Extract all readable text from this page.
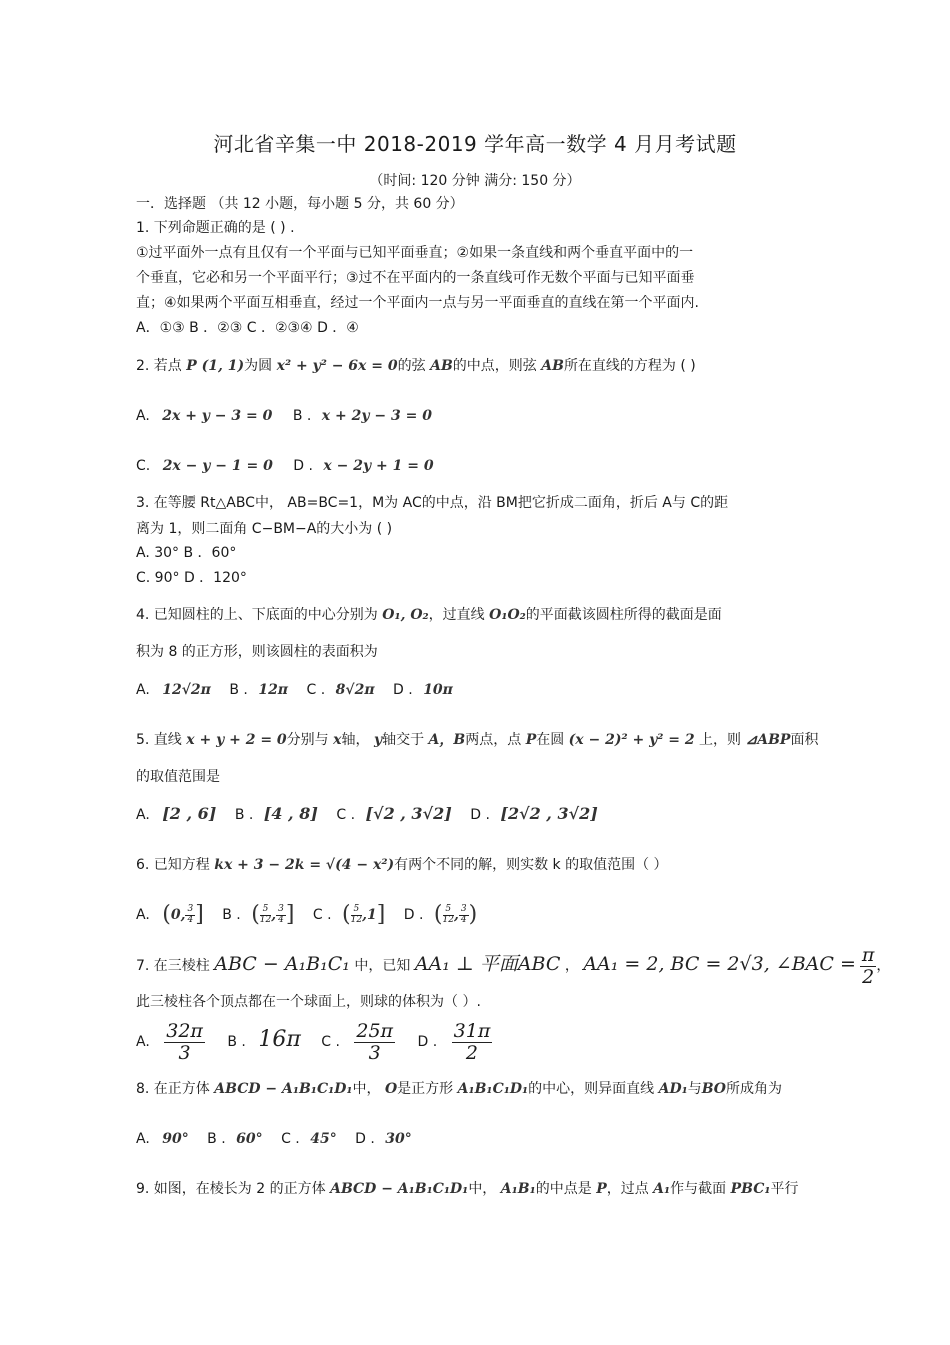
河北省辛集一中 2018-2019 学年高一数学 4 月月考试题
（时间: 120 分钟 满分: 150 分）
一．选择题 （共 12 小题，每小题 5 分，共 60 分）
1. 下列命题正确的是 ( ) .
①过平面外一点有且仅有一个平面与已知平面垂直；②如果一条直线和两个垂直平面中的一
个垂直，它必和另一个平面平行；③过不在平面内的一条直线可作无数个平面与已知平面垂
直；④如果两个平面互相垂直，经过一个平面内一点与另一平面垂直的直线在第一个平面内.
A．①③ B ．②③ C ．②③④ D ．④
2. 若点 P (1, 1)为圆 x² + y² − 6x = 0的弦 AB的中点，则弦 AB所在直线的方程为 ( )
A. 2x + y − 3 = 0 B . x + 2y − 3 = 0
C. 2x − y − 1 = 0 D . x − 2y + 1 = 0
3. 在等腰 Rt△ABC中， AB=BC=1，M为 AC的中点，沿 BM把它折成二面角，折后 A与 C的距
离为 1，则二面角 C−BM−A的大小为 ( )
A. 30° B ．60°
C. 90° D ．120°
4. 已知圆柱的上、下底面的中心分别为 O₁, O₂，过直线 O₁O₂的平面截该圆柱所得的截面是面
积为 8 的正方形，则该圆柱的表面积为
A. 12√2π B . 12π C . 8√2π D . 10π
5. 直线 x + y + 2 = 0分别与 x轴， y轴交于 A，B两点，点 P在圆 (x − 2)² + y² = 2 上，则 ⊿ABP面积
的取值范围是
A. [2 , 6] B . [4 , 8] C . [√2 , 3√2] D . [2√2 , 3√2]
6. 已知方程 kx + 3 − 2k = √(4 − x²)有两个不同的解，则实数 k 的取值范围（ ）
A. (0, $\frac{3}{4}$ ] B . ( $\frac{5}{12}$ , $\frac{3}{4}$ ] C . ( $\frac{5}{12} ,1$] D . ( $\frac{5}{12}$ , $\frac{3}{4}$ )
7. 在三棱柱 ABC − A₁B₁C₁ 中，已知 AA₁ ⊥ 平面ABC ， AA₁ = 2, BC = 2√3, ∠BAC = $\frac{\pi}{2}$ ，
此三棱柱各个顶点都在一个球面上，则球的体积为（ ）.
A. $\frac{32\pi}{3}$ B . 16π C . $\frac{25\pi}{3}$ D . $\frac{31\pi}{2}$
8. 在正方体 ABCD − A₁B₁C₁D₁中， O是正方形 A₁B₁C₁D₁的中心，则异面直线 AD₁与BO所成角为
A. 90° B . 60° C . 45° D . 30°
9. 如图，在棱长为 2 的正方体 ABCD − A₁B₁C₁D₁中， A₁B₁的中点是 P，过点 A₁作与截面 PBC₁平行
